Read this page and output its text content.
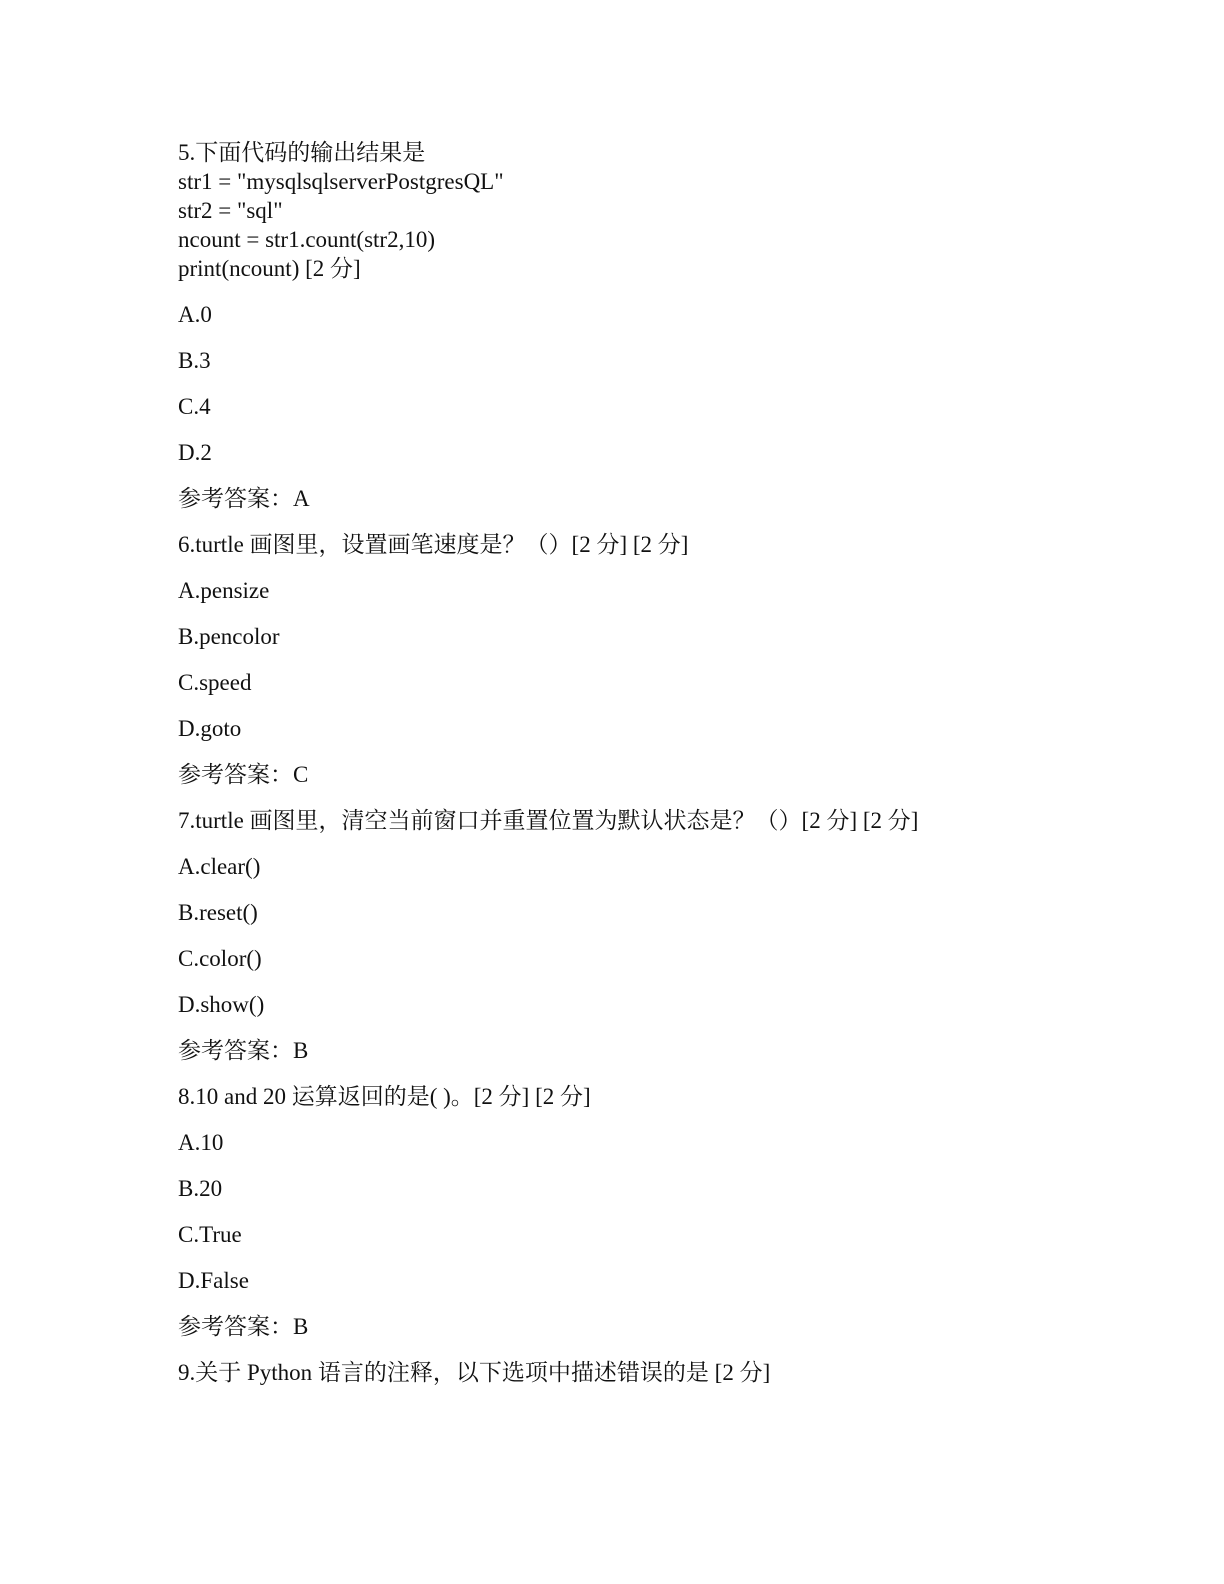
5.下面代码的输出结果是
str1 = "mysqlsqlserverPostgresQL"
str2 = "sql"
ncount = str1.count(str2,10)
print(ncount) [2 分]
A.0
B.3
C.4
D.2
参考答案：A
6.turtle 画图里，设置画笔速度是？（）[2 分] [2 分]
A.pensize
B.pencolor
C.speed
D.goto
参考答案：C
7.turtle 画图里，清空当前窗口并重置位置为默认状态是？（）[2 分] [2 分]
A.clear()
B.reset()
C.color()
D.show()
参考答案：B
8.10 and 20 运算返回的是( )。[2 分] [2 分]
A.10
B.20
C.True
D.False
参考答案：B
9.关于 Python 语言的注释，以下选项中描述错误的是 [2 分]
